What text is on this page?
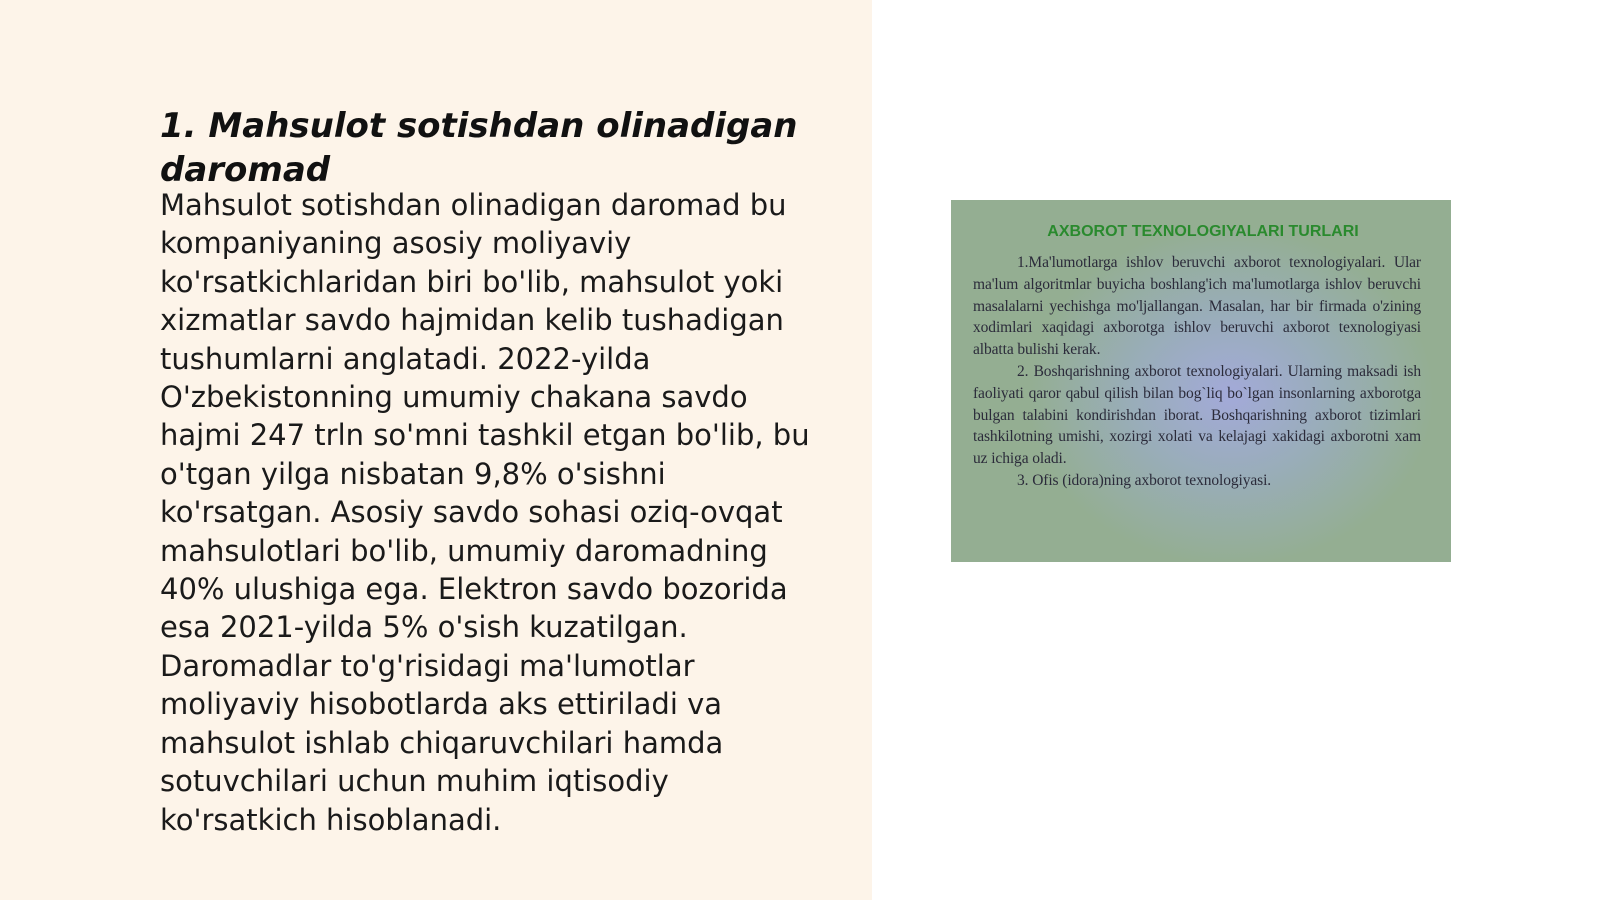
1. Mahsulot sotishdan olinadigan daromad

Mahsulot sotishdan olinadigan daromad bu kompaniyaning asosiy moliyaviy ko'rsatkichlaridan biri bo'lib, mahsulot yoki xizmatlar savdo hajmidan kelib tushadigan tushumlarni anglatadi. 2022-yilda O'zbekistonning umumiy chakana savdo hajmi 247 trln so'mni tashkil etgan bo'lib, bu o'tgan yilga nisbatan 9,8% o'sishni ko'rsatgan. Asosiy savdo sohasi oziq-ovqat mahsulotlari bo'lib, umumiy daromadning 40% ulushiga ega. Elektron savdo bozorida esa 2021-yilda 5% o'sish kuzatilgan. Daromadlar to'g'risidagi ma'lumotlar moliyaviy hisobotlarda aks ettiriladi va mahsulot ishlab chiqaruvchilari hamda sotuvchilari uchun muhim iqtisodiy ko'rsatkich hisoblanadi.

AXBOROT TEXNOLOGIYALARI TURLARI

1.Ma'lumotlarga ishlov beruvchi axborot texnologiyalari. Ular ma'lum algoritmlar buyicha boshlang'ich ma'lumotlarga ishlov beruvchi masalalarni yechishga mo'ljallangan. Masalan, har bir firmada o'zining xodimlari xaqidagi axborotga ishlov beruvchi axborot texnologiyasi albatta bulishi kerak.

2. Boshqarishning axborot texnologiyalari. Ularning maksadi ish faoliyati qaror qabul qilish bilan bog`liq bo`lgan insonlarning axborotga bulgan talabini kondirishdan iborat. Boshqarishning axborot tizimlari tashkilotning umishi, xozirgi xolati va kelajagi xakidagi axborotni xam uz ichiga oladi.

3. Ofis (idora)ning axborot texnologiyasi.
